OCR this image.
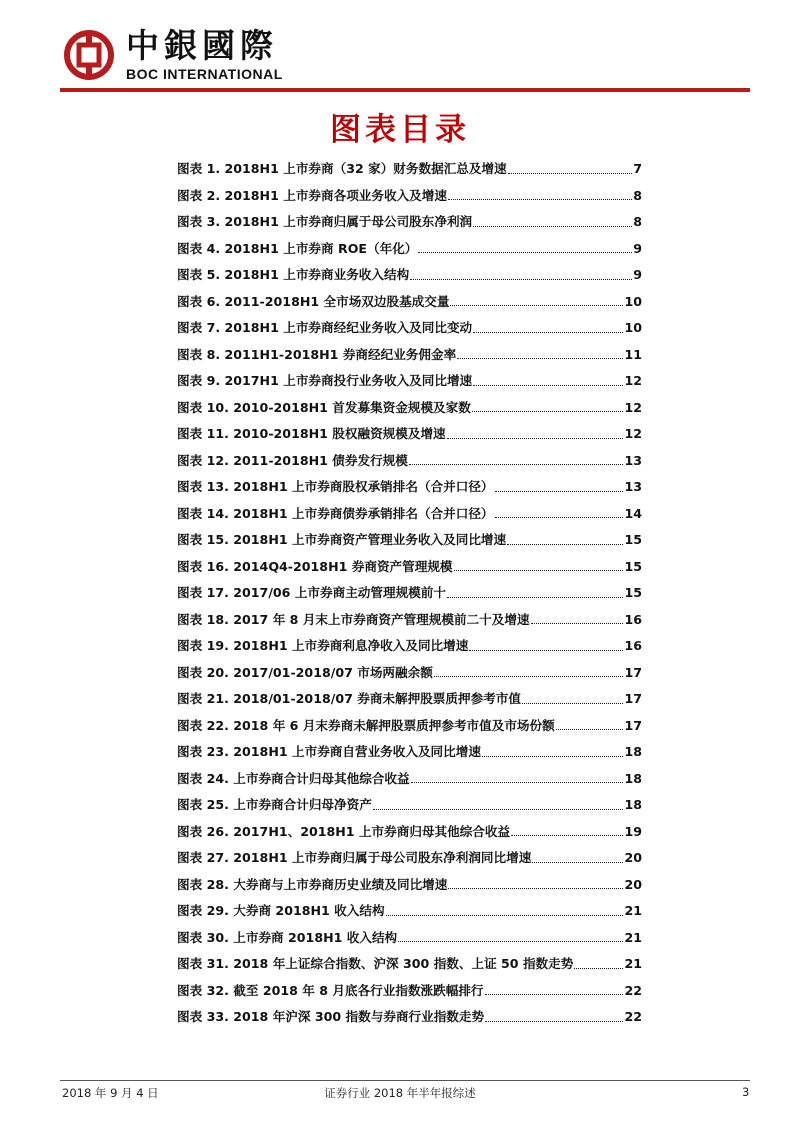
中銀國際
BOC INTERNATIONAL
图表目录
图表 1. 2018H1 上市券商（32 家）财务数据汇总及增速	7
图表 2. 2018H1 上市券商各项业务收入及增速	8
图表 3. 2018H1 上市券商归属于母公司股东净利润	8
图表 4. 2018H1 上市券商 ROE（年化）	9
图表 5. 2018H1 上市券商业务收入结构	9
图表 6. 2011-2018H1 全市场双边股基成交量	10
图表 7. 2018H1 上市券商经纪业务收入及同比变动	10
图表 8. 2011H1-2018H1 券商经纪业务佣金率	11
图表 9. 2017H1 上市券商投行业务收入及同比增速	12
图表 10. 2010-2018H1 首发募集资金规模及家数	12
图表 11. 2010-2018H1 股权融资规模及增速	12
图表 12. 2011-2018H1 债券发行规模	13
图表 13. 2018H1 上市券商股权承销排名（合并口径）	13
图表 14. 2018H1 上市券商债券承销排名（合并口径）	14
图表 15. 2018H1 上市券商资产管理业务收入及同比增速	15
图表 16. 2014Q4-2018H1 券商资产管理规模	15
图表 17. 2017/06 上市券商主动管理规模前十	15
图表 18. 2017 年 8 月末上市券商资产管理规模前二十及增速	16
图表 19. 2018H1 上市券商利息净收入及同比增速	16
图表 20. 2017/01-2018/07 市场两融余额	17
图表 21. 2018/01-2018/07 券商未解押股票质押参考市值	17
图表 22. 2018 年 6 月末券商未解押股票质押参考市值及市场份额	17
图表 23. 2018H1 上市券商自营业务收入及同比增速	18
图表 24. 上市券商合计归母其他综合收益	18
图表 25. 上市券商合计归母净资产	18
图表 26. 2017H1、2018H1 上市券商归母其他综合收益	19
图表 27. 2018H1 上市券商归属于母公司股东净利润同比增速	20
图表 28. 大券商与上市券商历史业绩及同比增速	20
图表 29. 大券商 2018H1 收入结构	21
图表 30. 上市券商 2018H1 收入结构	21
图表 31. 2018 年上证综合指数、沪深 300 指数、上证 50 指数走势	21
图表 32. 截至 2018 年 8 月底各行业指数涨跌幅排行	22
图表 33. 2018 年沪深 300 指数与券商行业指数走势	22
2018 年 9 月 4 日	证券行业 2018 年半年报综述	3
